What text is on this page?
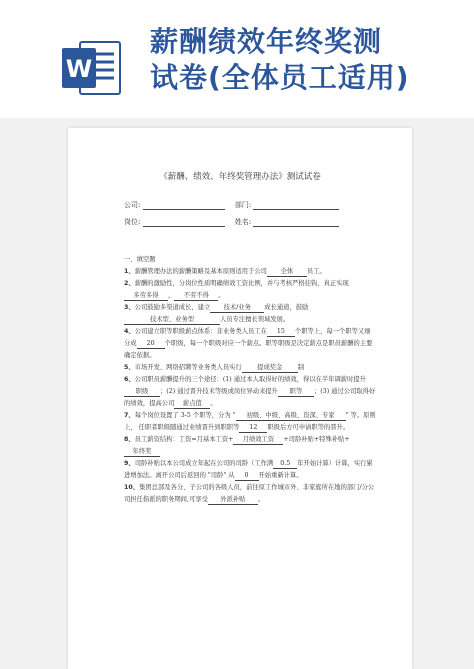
W
薪酬绩效年终奖测
试卷(全体员工适用)
《薪酬、绩效、年终奖管理办法》测试试卷
公司:	部门:
岗位:	姓名:

一、填空题

1、薪酬管理办法的薪酬策略及基本原则适用于公司 全体 员工。

2、薪酬的激励性，分岗位性质明确绩效工资比例，并与考核严格挂钩，真正实现多劳多得 ， 不劳不得 。

3、公司鼓励多渠道成长，建立 技术/业务 成长通道，鼓励技术型、业务型	人员专注擅长领域发展。

4、公司建立职等职级薪点体系：非业务类人员工在 15 个职等上，每一个职等又细分成 20 个职级，每一个职级对应一个薪点。职等职级是决定薪点是职员薪酬的主要确定依据。

5、市场开发、网络招聘等业务类人员实行 提成奖金 制

6、公司职员薪酬提升的三个途径：(1) 通过本人取得好的绩效，得以在半年调薪时提升职级 ；(2) 通过晋升技术等级或岗位异动来提升 职等 ；(3) 通过公司取得好的绩效，提高公司 薪点值 。

7、每个岗位设置了 3-5 个职等，分为 " 初级、中级、高级、资深、专家 " 等。原则上， 任职者职级随通过业绩晋升到职职等 12 职级后方可申请职等的晋升。

8、员工薪资结构：工资=月基本工资+ 月绩效工资 +司龄补贴+特殊补贴+年终奖

9、司龄补贴以本公司成立年起在公司的司龄（工作满 0.5 年开始计算）计算，实行累进增加法。离开公司后返回的 "司龄" 从 0 开始重新计算。

10、集团总部及各分、子公司的各级人员，前往原工作城市外、非家庭所在地的部门/分公司担任指派的职务期间,可享受 外派补贴 。
